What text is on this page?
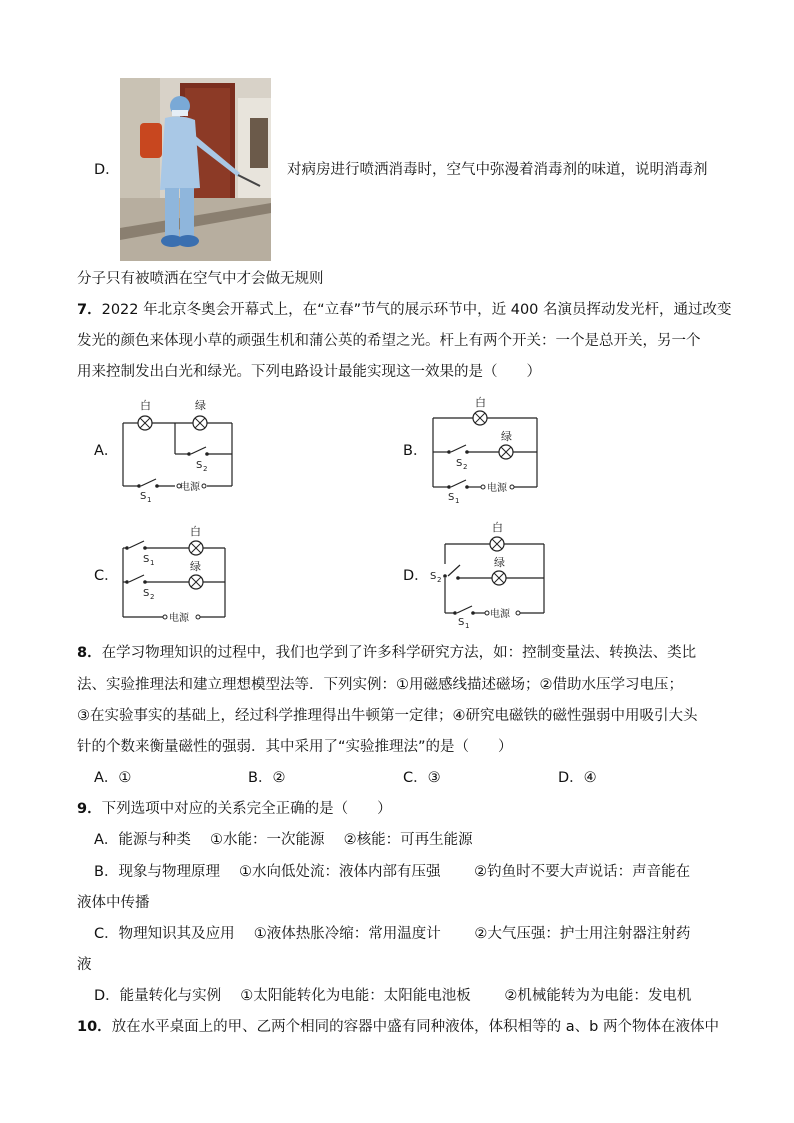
D．	对病房进行喷洒消毒时，空气中弥漫着消毒剂的味道，说明消毒剂
分子只有被喷洒在空气中才会做无规则
7．2022 年北京冬奥会开幕式上，在“立春”节气的展示环节中，近 400 名演员挥动发光杆，通过改变
发光的颜色来体现小草的顽强生机和蒲公英的希望之光。杆上有两个开关：一个是总开关，另一个
用来控制发出白光和绿光。下列电路设计最能实现这一效果的是（　　）
A．
白	绿
S 2
S 1
电源
B．
白
绿
S 2
S 1
电源
C．
白
绿
S 1
S 2
电源
D．
白
绿
S 2
S 1
电源
8．在学习物理知识的过程中，我们也学到了许多科学研究方法，如：控制变量法、转换法、类比
法、实验推理法和建立理想模型法等．下列实例：①用磁感线描述磁场；②借助水压学习电压；
③在实验事实的基础上，经过科学推理得出牛顿第一定律；④研究电磁铁的磁性强弱中用吸引大头
针的个数来衡量磁性的强弱．其中采用了“实验推理法”的是（　　）
A．①	B．②	C．③	D．④
9．下列选项中对应的关系完全正确的是（　　）
A．能源与种类　 ①水能：一次能源　 ②核能：可再生能源
B．现象与物理原理　 ①水向低处流：液体内部有压强　　 ②钓鱼时不要大声说话：声音能在
液体中传播
C．物理知识其及应用　 ①液体热胀冷缩：常用温度计　　 ②大气压强：护士用注射器注射药
液
D．能量转化与实例　 ①太阳能转化为电能：太阳能电池板　　 ②机械能转为为电能：发电机
10．放在水平桌面上的甲、乙两个相同的容器中盛有同种液体，体积相等的 a、b 两个物体在液体中
